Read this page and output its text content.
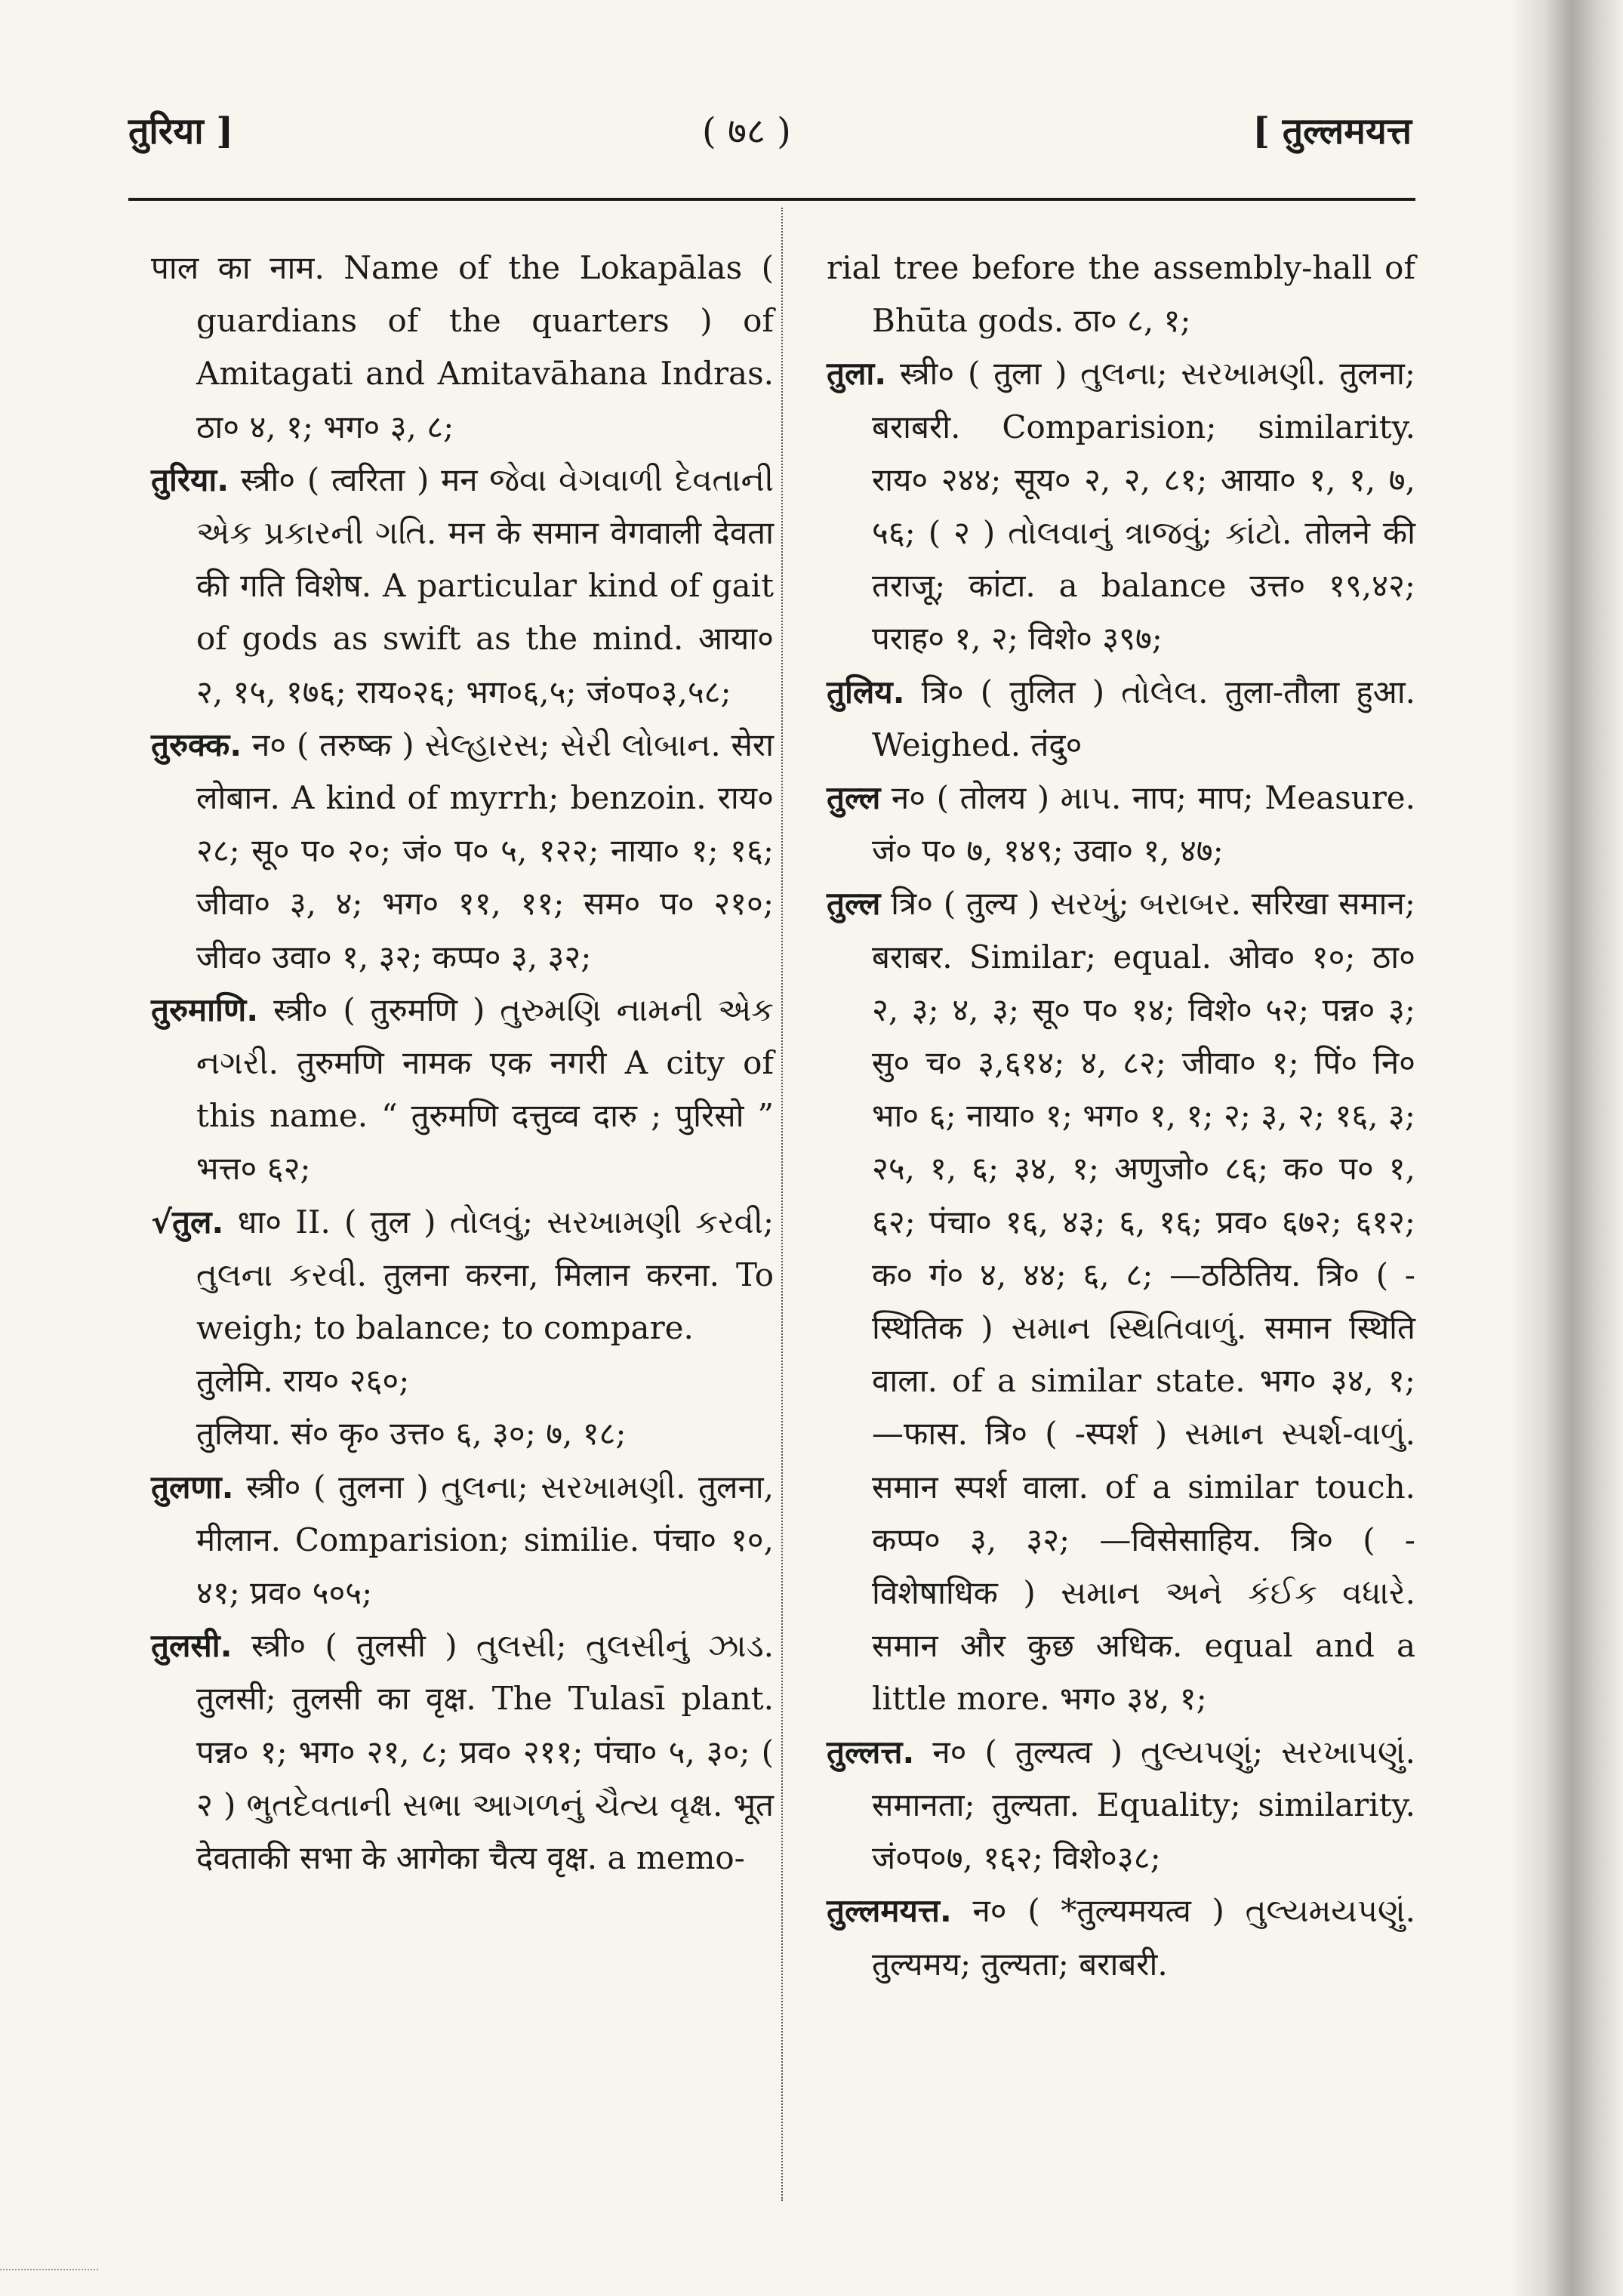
तुरिया ]	( ७८ )	[ तुल्लमयत्त

पाल का नाम. Name of the Lokapālas ( guardians of the quarters ) of Amitagati and Amitavāhana Indras. ठा० ४, १; भग० ३, ८;

तुरिया. स्त्री० ( त्वरिता ) मन જેવા વેગવાળી દેવતાની એક પ્રકારની ગતિ. मन के समान वेगवाली देवता की गति विशेष. A particular kind of gait of gods as swift as the mind. आया० २, १५, १७६; राय०२६; भग०६,५; जं०प०३,५८;

तुरुक्क. न० ( तरुष्क ) સેલ્હારસ; સેરી લોબાન. सेरा लोबान. A kind of myrrh; benzoin. राय० २८; सू० प० २०; जं० प० ५, १२२; नाया० १; १६; जीवा० ३, ४; भग० ११, ११; सम० प० २१०; जीव० उवा० १, ३२; कप्प० ३, ३२;

तुरुमाणि. स्त्री० ( तुरुमणि ) તુરુમણિ નામની એક નગરી. तुरुमणि नामक एक नगरी A city of this name. “ तुरुमणि दत्तुव्व दारु ; पुरिसो ” भत्त० ६२;

√तुल. धा० II. ( तुल ) તોલવું; સરખામણી કરવી; તુલના કરવી. तुलना करना, मिलान करना. To weigh; to balance; to compare.

तुलेमि. राय० २६०;

तुलिया. सं० कृ० उत्त० ६, ३०; ७, १८;

तुलणा. स्त्री० ( तुलना ) તુલના; સરખામણી. तुलना, मीलान. Comparision; similie. पंचा० १०, ४१; प्रव० ५०५;

तुलसी. स्त्री० ( तुलसी ) તુલસી; તુલસીનું ઝાડ. तुलसी; तुलसी का वृक्ष. The Tulasī plant. पन्न० १; भग० २१, ८; प्रव० २११; पंचा० ५, ३०; ( २ ) ભુતદેવતાની સભા આગળનું ચૈત્ય વૃક્ષ. भूत देवताकी सभा के आगेका चैत्य वृक्ष. a memo-

rial tree before the assembly-hall of Bhūta gods. ठा० ८, १;

तुला. स्त्री० ( तुला ) તુલના; સરખામણી. तुलना; बराबरी. Comparision; similarity. राय० २४४; सूय० २, २, ८१; आया० १, १, ७, ५६; ( २ ) તોલવાનું ત્રાજવું; કાંટો. तोलने की तराजू; कांटा. a balance उत्त० १९,४२; पराह० १, २; विशे० ३९७;

तुलिय. त्रि० ( तुलित ) તોલેલ. तुला-तौला हुआ. Weighed. तंदु०

तुल्ल न० ( तोलय ) માપ. नाप; माप; Measure. जं० प० ७, १४९; उवा० १, ४७;

तुल्ल त्रि० ( तुल्य ) સરખું; બરાબર. सरिखा समान; बराबर. Similar; equal. ओव० १०; ठा० २, ३; ४, ३; सू० प० १४; विशे० ५२; पन्न० ३; सु० च० ३,६१४; ४, ८२; जीवा० १; पिं० नि० भा० ६; नाया० १; भग० १, १; २; ३, २; १६, ३; २५, १, ६; ३४, १; अणुजो० ८६; क० प० १, ६२; पंचा० १६, ४३; ६, १६; प्रव० ६७२; ६१२; क० गं० ४, ४४; ६, ८; —ठठितिय. त्रि० ( -स्थितिक ) સમાન સ્થિતિવાળું. समान स्थिति वाला. of a similar state. भग० ३४, १; —फास. त्रि० ( -स्पर्श ) સમાન સ્પર્શ-વાળું. समान स्पर्श वाला. of a similar touch. कप्प० ३, ३२; —विसेसाहिय. त्रि० ( -विशेषाधिक ) સમાન અને કંઈક વધારે. समान और कुछ अधिक. equal and a little more. भग० ३४, १;

तुल्लत्त. न० ( तुल्यत्व ) તુલ્યપણું; સરખાપણું. समानता; तुल्यता. Equality; similarity. जं०प०७, १६२; विशे०३८;

तुल्लमयत्त. न० ( *तुल्यमयत्व ) તુલ્યમયપણું. तुल्यमय; तुल्यता; बराबरी.
